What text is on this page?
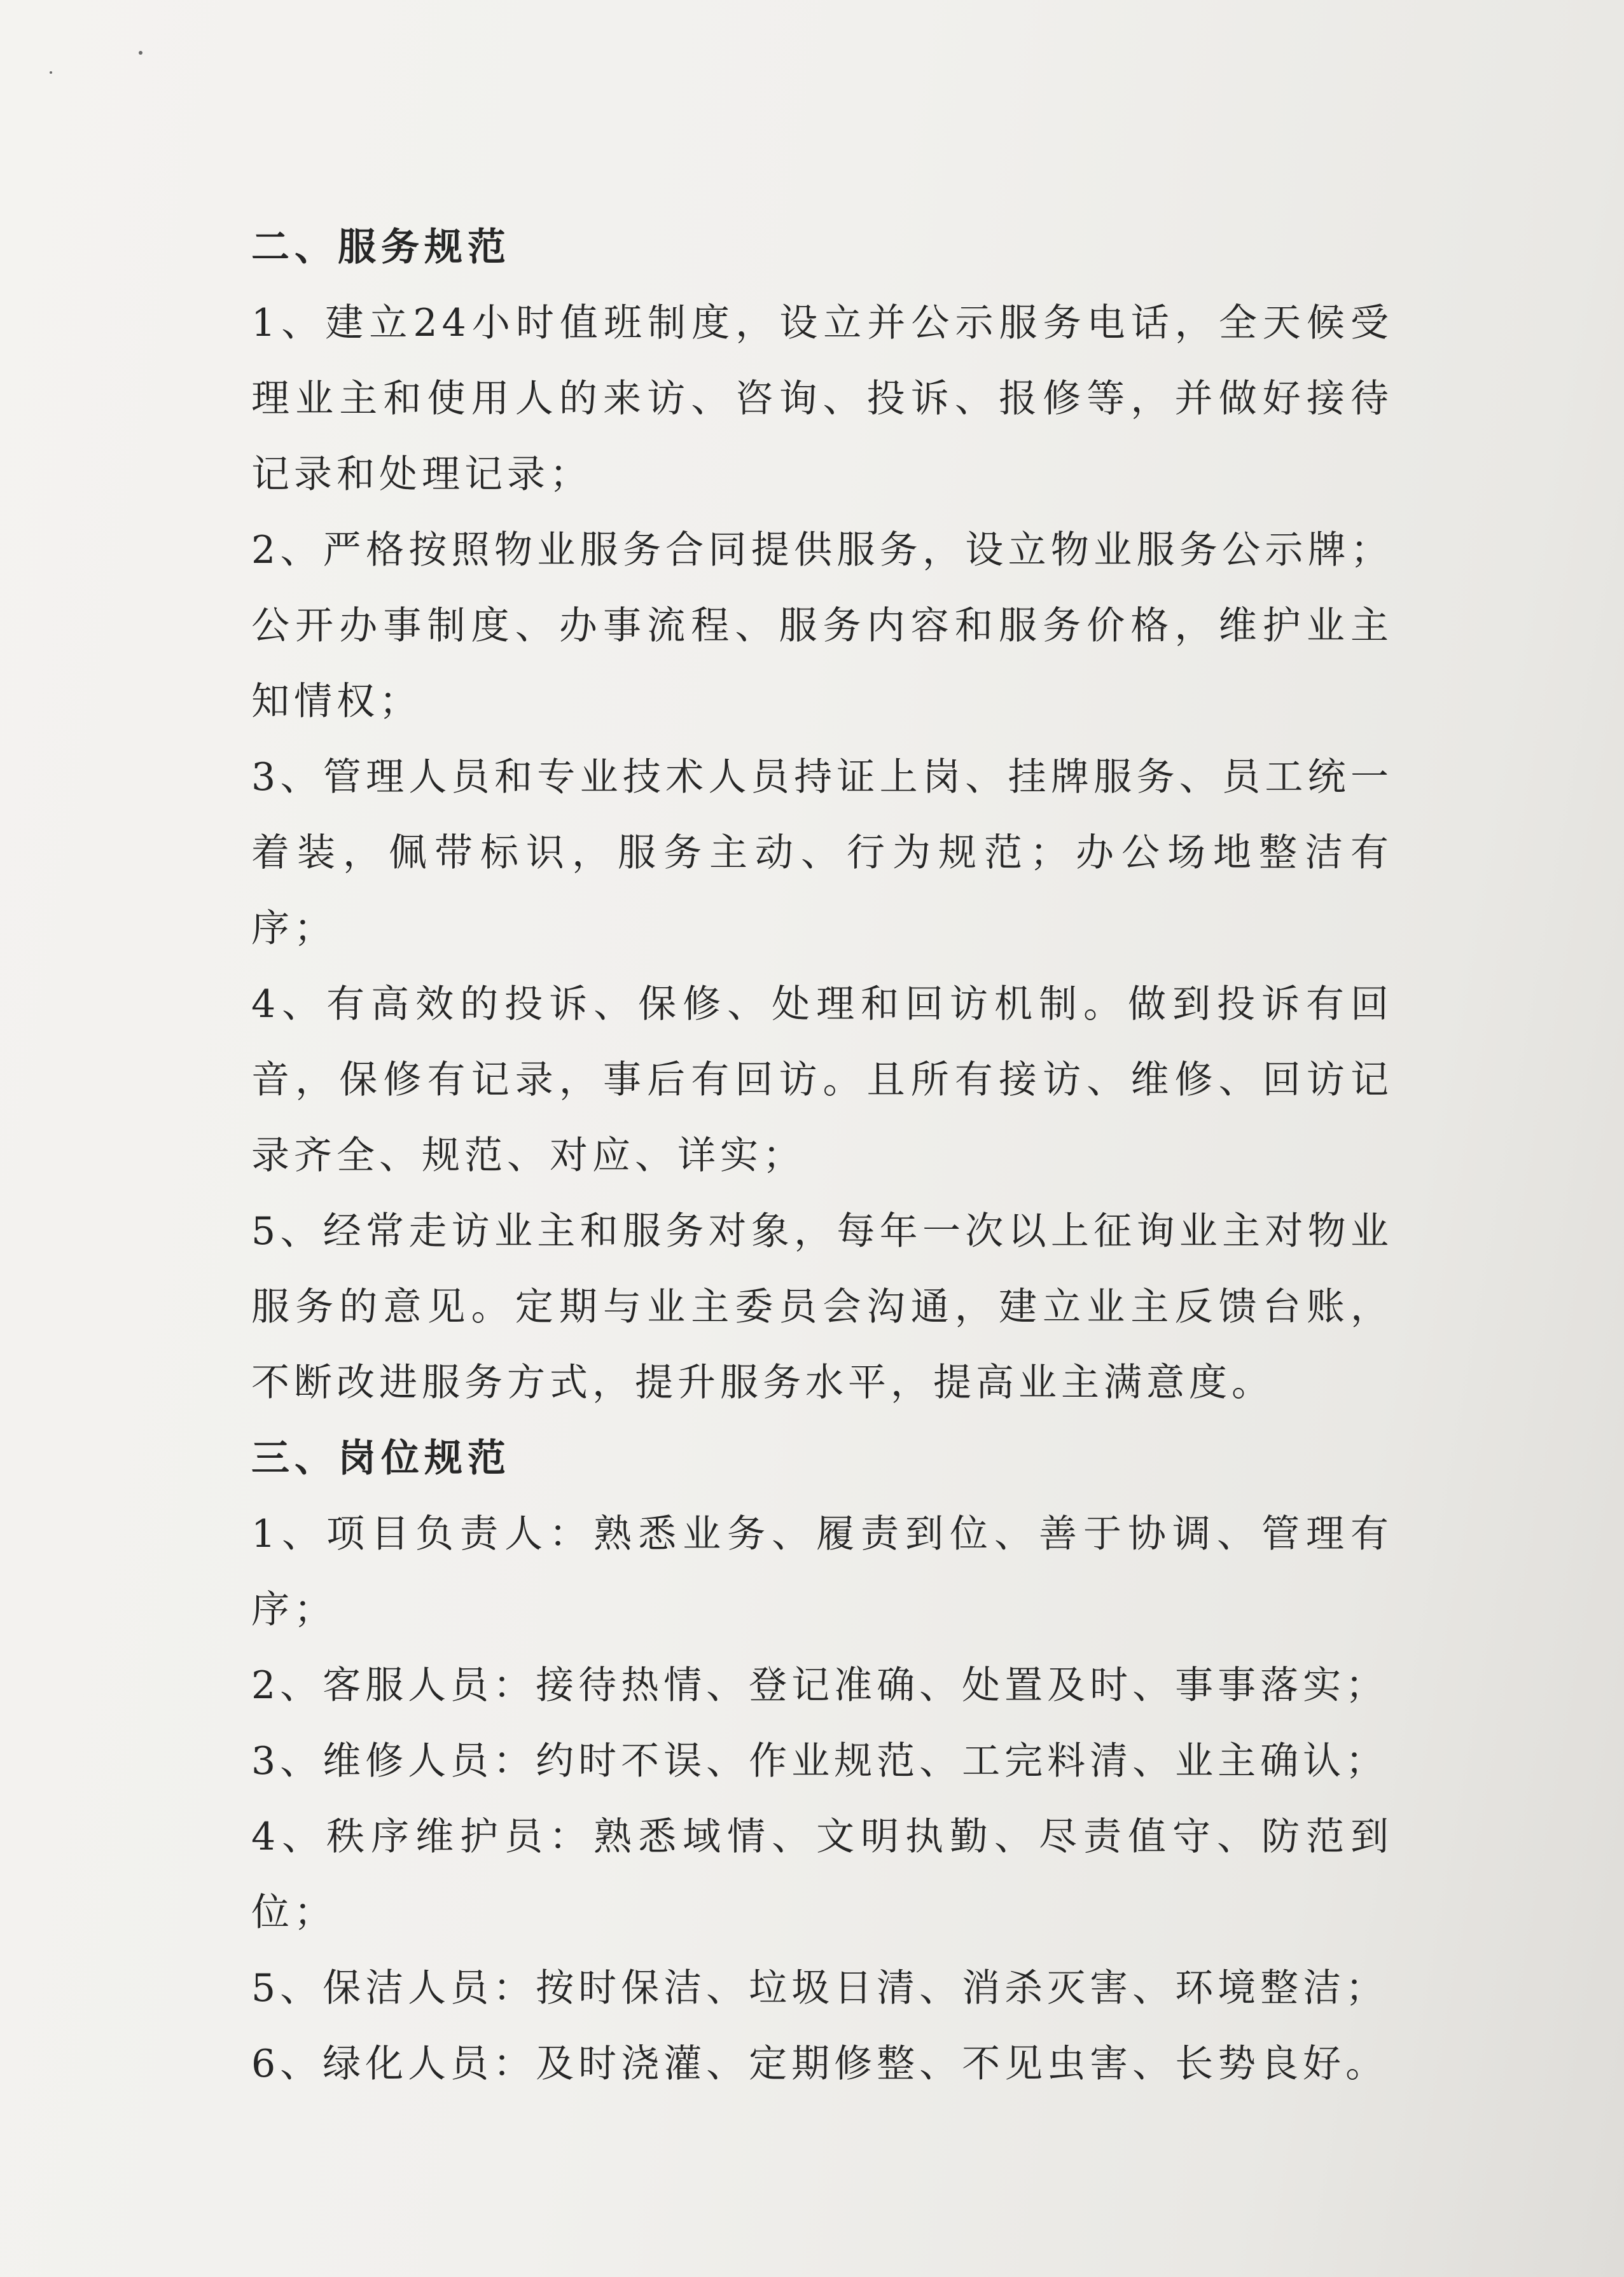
二、服务规范

1、建立24小时值班制度，设立并公示服务电话，全天候受理业主和使用人的来访、咨询、投诉、报修等，并做好接待记录和处理记录；

2、严格按照物业服务合同提供服务，设立物业服务公示牌；公开办事制度、办事流程、服务内容和服务价格，维护业主知情权；

3、管理人员和专业技术人员持证上岗、挂牌服务、员工统一着装，佩带标识，服务主动、行为规范；办公场地整洁有序；

4、有高效的投诉、保修、处理和回访机制。做到投诉有回音，保修有记录，事后有回访。且所有接访、维修、回访记录齐全、规范、对应、详实；

5、经常走访业主和服务对象，每年一次以上征询业主对物业服务的意见。定期与业主委员会沟通，建立业主反馈台账，不断改进服务方式，提升服务水平，提高业主满意度。

三、岗位规范

1、项目负责人：熟悉业务、履责到位、善于协调、管理有序；

2、客服人员：接待热情、登记准确、处置及时、事事落实；

3、维修人员：约时不误、作业规范、工完料清、业主确认；

4、秩序维护员：熟悉域情、文明执勤、尽责值守、防范到位；

5、保洁人员：按时保洁、垃圾日清、消杀灭害、环境整洁；

6、绿化人员：及时浇灌、定期修整、不见虫害、长势良好。
